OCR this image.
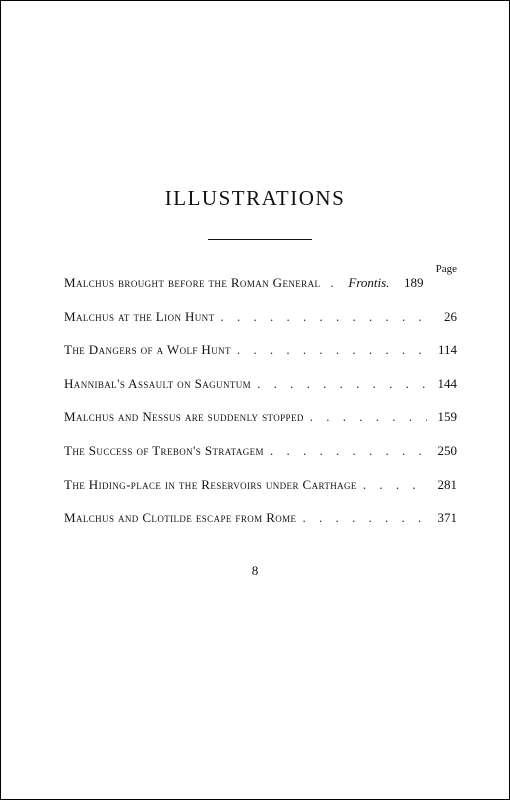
ILLUSTRATIONS
Page
Malchus brought before the Roman General . Frontis.	189
Malchus at the Lion Hunt . . .	26
The Dangers of a Wolf Hunt . . .	114
Hannibal's Assault on Saguntum . . .	144
Malchus and Nessus are suddenly stopped . . .	159
The Success of Trebon's Stratagem . . .	250
The Hiding-place in the Reservoirs under Carthage . . .	281
Malchus and Clotilde escape from Rome . . .	371
8
